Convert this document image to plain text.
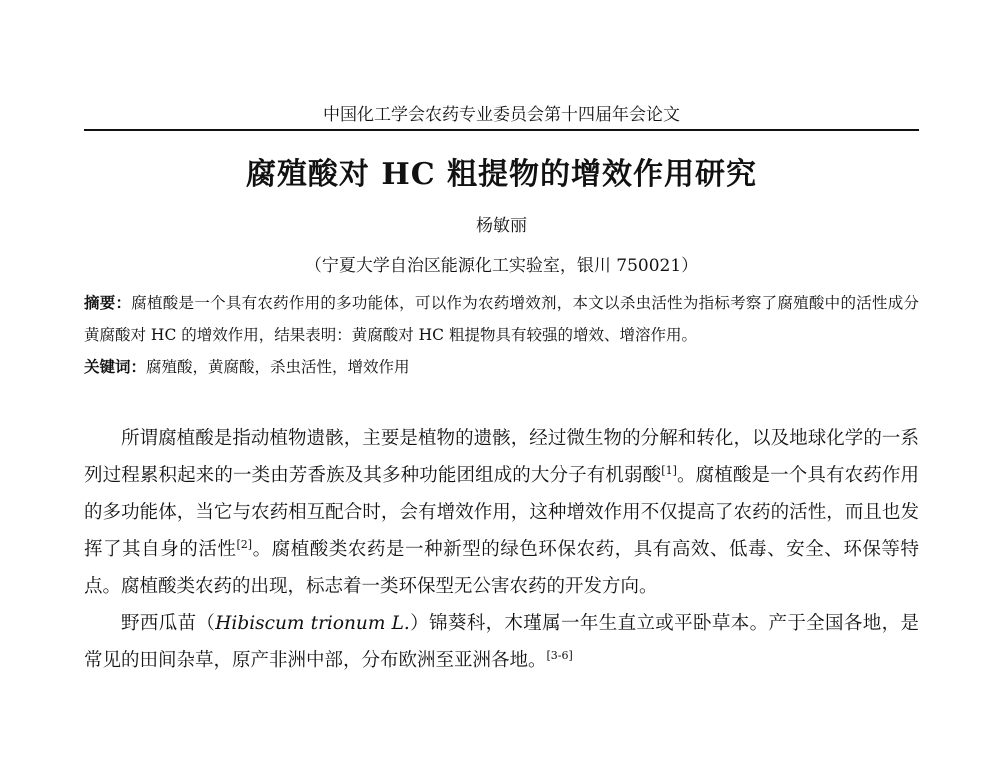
中国化工学会农药专业委员会第十四届年会论文
腐殖酸对 HC 粗提物的增效作用研究
杨敏丽
（宁夏大学自治区能源化工实验室，银川 750021）
摘要：腐植酸是一个具有农药作用的多功能体，可以作为农药增效剂，本文以杀虫活性为指标考察了腐殖酸中的活性成分黄腐酸对 HC 的增效作用，结果表明：黄腐酸对 HC 粗提物具有较强的增效、增溶作用。
关键词：腐殖酸，黄腐酸，杀虫活性，增效作用

所谓腐植酸是指动植物遗骸，主要是植物的遗骸，经过微生物的分解和转化，以及地球化学的一系列过程累积起来的一类由芳香族及其多种功能团组成的大分子有机弱酸[1]。腐植酸是一个具有农药作用的多功能体，当它与农药相互配合时，会有增效作用，这种增效作用不仅提高了农药的活性，而且也发挥了其自身的活性[2]。腐植酸类农药是一种新型的绿色环保农药，具有高效、低毒、安全、环保等特点。腐植酸类农药的出现，标志着一类环保型无公害农药的开发方向。

野西瓜苗（Hibiscum trionum L.）锦葵科，木瑾属一年生直立或平卧草本。产于全国各地，是常见的田间杂草，原产非洲中部，分布欧洲至亚洲各地。[3-6]
